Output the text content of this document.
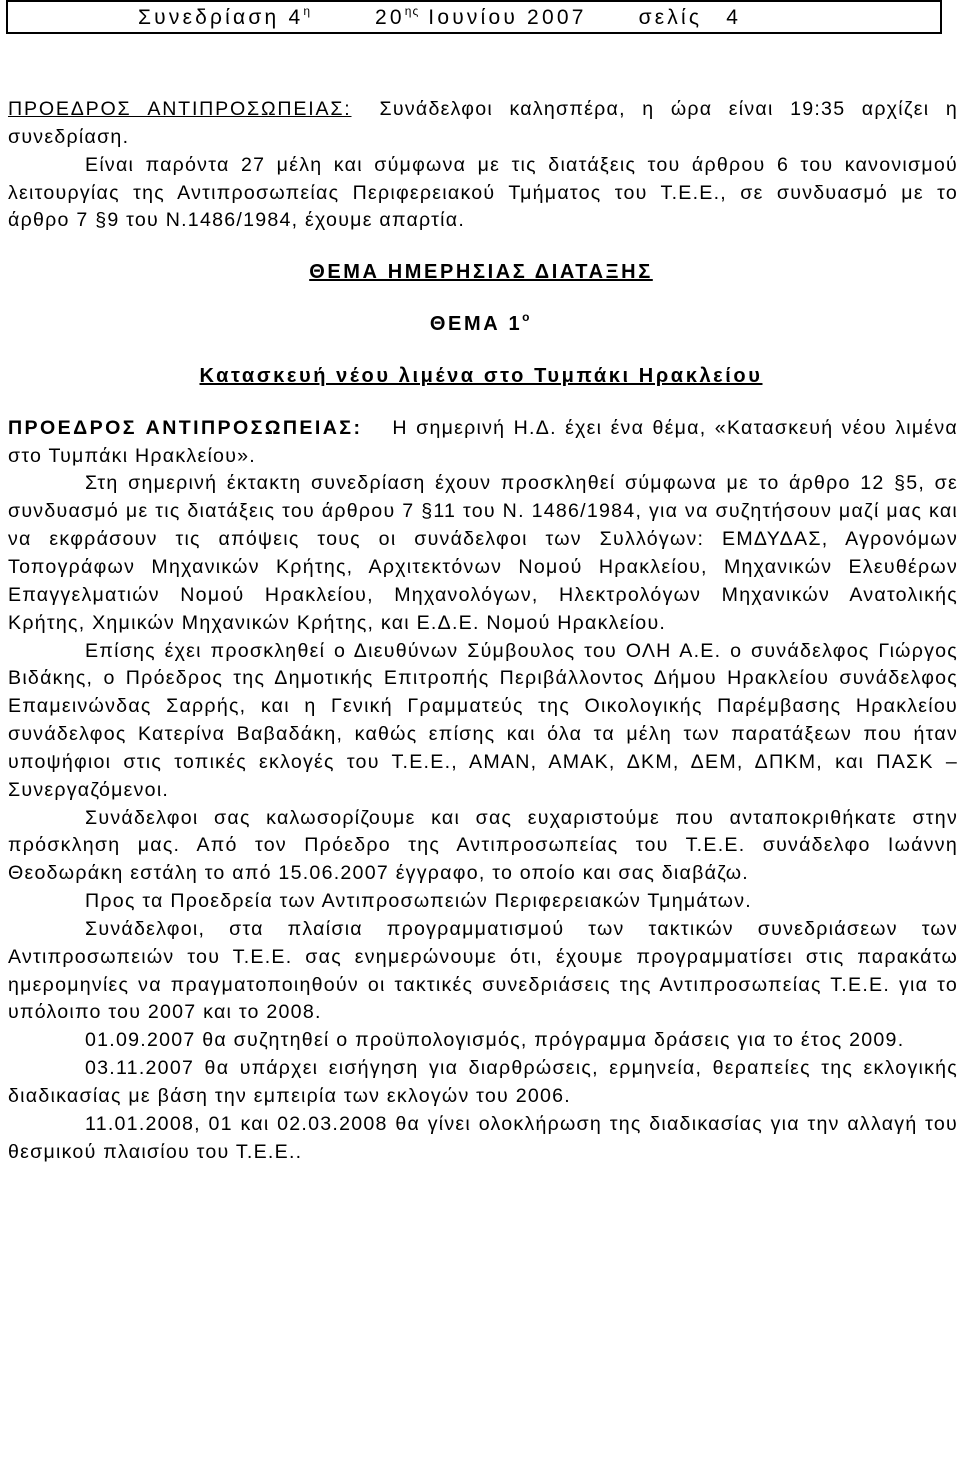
Συνεδρίαση $4^\eta$	$20^{\eta\varsigma}$ Ιουνίου 2007 σελίς 4

ΠΡΟΕΔΡΟΣ ΑΝΤΙΠΡΟΣΩΠΕΙΑΣ: Συνάδελφοι καλησπέρα, η ώρα είναι 19:35 αρχίζει η συνεδρίαση.

Είναι παρόντα 27 μέλη και σύμφωνα με τις διατάξεις του άρθρου 6 του κανονισμού λειτουργίας της Αντιπροσωπείας Περιφερειακού Τμήματος του Τ.Ε.Ε., σε συνδυασμό με το άρθρο 7 §9 του Ν.1486/1984, έχουμε απαρτία.

ΘΕΜΑ ΗΜΕΡΗΣΙΑΣ ΔΙΑΤΑΞΗΣ

ΘΕΜΑ $1^o$

Κατασκευή νέου λιμένα στο Τυμπάκι Ηρακλείου

ΠΡΟΕΔΡΟΣ ΑΝΤΙΠΡΟΣΩΠΕΙΑΣ: Η σημερινή Η.Δ. έχει ένα θέμα, «Κατασκευή νέου λιμένα στο Τυμπάκι Ηρακλείου».

Στη σημερινή έκτακτη συνεδρίαση έχουν προσκληθεί σύμφωνα με το άρθρο 12 §5, σε συνδυασμό με τις διατάξεις του άρθρου 7 §11 του Ν. 1486/1984, για να συζητήσουν μαζί μας και να εκφράσουν τις απόψεις τους οι συνάδελφοι των Συλλόγων: ΕΜΔΥΔΑΣ, Αγρονόμων Τοπογράφων Μηχανικών Κρήτης, Αρχιτεκτόνων Νομού Ηρακλείου, Μηχανικών Ελευθέρων Επαγγελματιών Νομού Ηρακλείου, Μηχανολόγων, Ηλεκτρολόγων Μηχανικών Ανατολικής Κρήτης, Χημικών Μηχανικών Κρήτης, και Ε.Δ.Ε. Νομού Ηρακλείου.

Επίσης έχει προσκληθεί ο Διευθύνων Σύμβουλος του ΟΛΗ Α.Ε. ο συνάδελφος Γιώργος Βιδάκης, ο Πρόεδρος της Δημοτικής Επιτροπής Περιβάλλοντος Δήμου Ηρακλείου συνάδελφος Επαμεινώνδας Σαρρής, και η Γενική Γραμματεύς της Οικολογικής Παρέμβασης Ηρακλείου συνάδελφος Κατερίνα Βαβαδάκη, καθώς επίσης και όλα τα μέλη των παρατάξεων που ήταν υποψήφιοι στις τοπικές εκλογές του Τ.Ε.Ε., ΑΜΑΝ, ΑΜΑΚ, ΔΚΜ, ΔΕΜ, ΔΠΚΜ, και ΠΑΣΚ – Συνεργαζόμενοι.

Συνάδελφοι σας καλωσορίζουμε και σας ευχαριστούμε που ανταποκριθήκατε στην πρόσκληση μας. Από τον Πρόεδρο της Αντιπροσωπείας του Τ.Ε.Ε. συνάδελφο Ιωάννη Θεοδωράκη εστάλη το από 15.06.2007 έγγραφο, το οποίο και σας διαβάζω.

Προς τα Προεδρεία των Αντιπροσωπειών Περιφερειακών Τμημάτων.

Συνάδελφοι, στα πλαίσια προγραμματισμού των τακτικών συνεδριάσεων των Αντιπροσωπειών του Τ.Ε.Ε. σας ενημερώνουμε ότι, έχουμε προγραμματίσει στις παρακάτω ημερομηνίες να πραγματοποιηθούν οι τακτικές συνεδριάσεις της Αντιπροσωπείας Τ.Ε.Ε. για το υπόλοιπο του 2007 και το 2008.

01.09.2007 θα συζητηθεί ο προϋπολογισμός, πρόγραμμα δράσεις για το έτος 2009.

03.11.2007 θα υπάρχει εισήγηση για διαρθρώσεις, ερμηνεία, θεραπείες της εκλογικής διαδικασίας με βάση την εμπειρία των εκλογών του 2006.

11.01.2008, 01 και 02.03.2008 θα γίνει ολοκλήρωση της διαδικασίας για την αλλαγή του θεσμικού πλαισίου του Τ.Ε.Ε..
